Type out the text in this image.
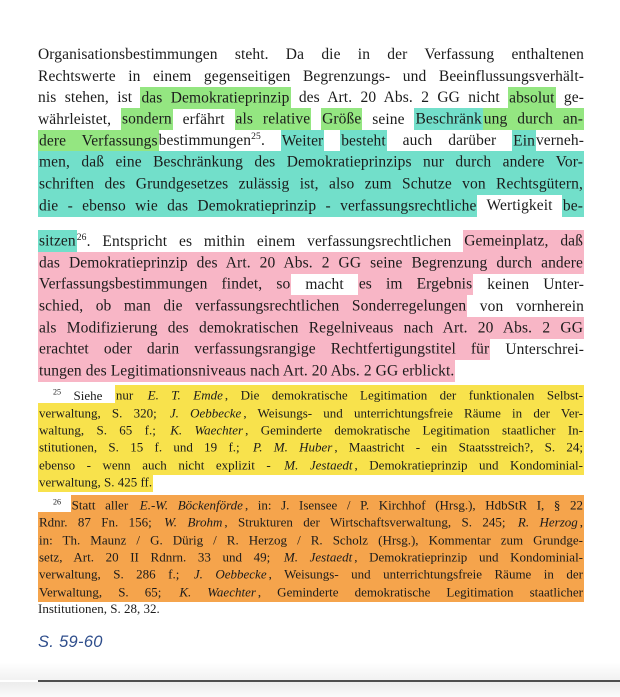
Organisationsbestimmungen steht. Da die in der Verfassung enthaltenen
Rechtswerte in einem gegenseitigen Begrenzungs- und Beeinflussungsverhält-
nis stehen, ist das Demokratieprinzip des Art. 20 Abs. 2 GG nicht absolut ge-
währleistet, sondern erfährt als relative Größe seine Beschränk ung durch an-
dere Verfassungsbestimmungen$^{25}$. Weiter besteht auch darüber Einverneh-
men, daß eine Beschränkung des Demokratieprinzips nur durch andere Vor-
schriften des Grundgesetzes zulässig ist, also zum Schutze von Rechtsgütern,
die - ebenso wie das Demokratieprinzip - verfassungsrechtliche Wertigkeit be-
sitzen$^{26}$. Entspricht es mithin einem verfassungsrechtlichen Gemeinplatz, daß
das Demokratieprinzip des Art. 20 Abs. 2 GG seine Begrenzung durch andere
Verfassungsbestimmungen findet, so macht es im Ergebnis keinen Unter-
schied, ob man die verfassungsrechtlichen Sonderregelungen von vornherein
als Modifizierung des demokratischen Regelniveaus nach Art. 20 Abs. 2 GG
erachtet oder darin verfassungsrangige Rechtfertigungstitel für Unterschrei-
tungen des Legitimationsniveaus nach Art. 20 Abs. 2 GG erblickt.
$^{25}$ Siehe nur E. T. Emde , Die demokratische Legitimation der funktionalen Selbst-
verwaltung, S. 320; J. Oebbecke , Weisungs- und unterrichtungsfreie Räume in der Ver-
waltung, S. 65 f.; K. Waechter , Geminderte demokratische Legitimation staatlicher In-
stitutionen, S. 15 f. und 19 f.; P. M. Huber , Maastricht - ein Staatsstreich?, S. 24;
ebenso - wenn auch nicht explizit - M. Jestaedt , Demokratieprinzip und Kondominial-
verwaltung, S. 425 ff.
$^{26}$ Statt aller E.-W. Böckenförde , in: J. Isensee / P. Kirchhof (Hrsg.), HdbStR I, § 22
Rdnr. 87 Fn. 156; W. Brohm , Strukturen der Wirtschaftsverwaltung, S. 245; R. Herzog ,
in: Th. Maunz / G. Dürig / R. Herzog / R. Scholz (Hrsg.), Kommentar zum Grundge-
setz, Art. 20 II Rdnrn. 33 und 49; M. Jestaedt , Demokratieprinzip und Kondominial-
verwaltung, S. 286 f.; J. Oebbecke , Weisungs- und unterrichtungsfreie Räume in der
Verwaltung, S. 65; K. Waechter , Geminderte demokratische Legitimation staatlicher
Institutionen, S. 28, 32.
S. 59-60
